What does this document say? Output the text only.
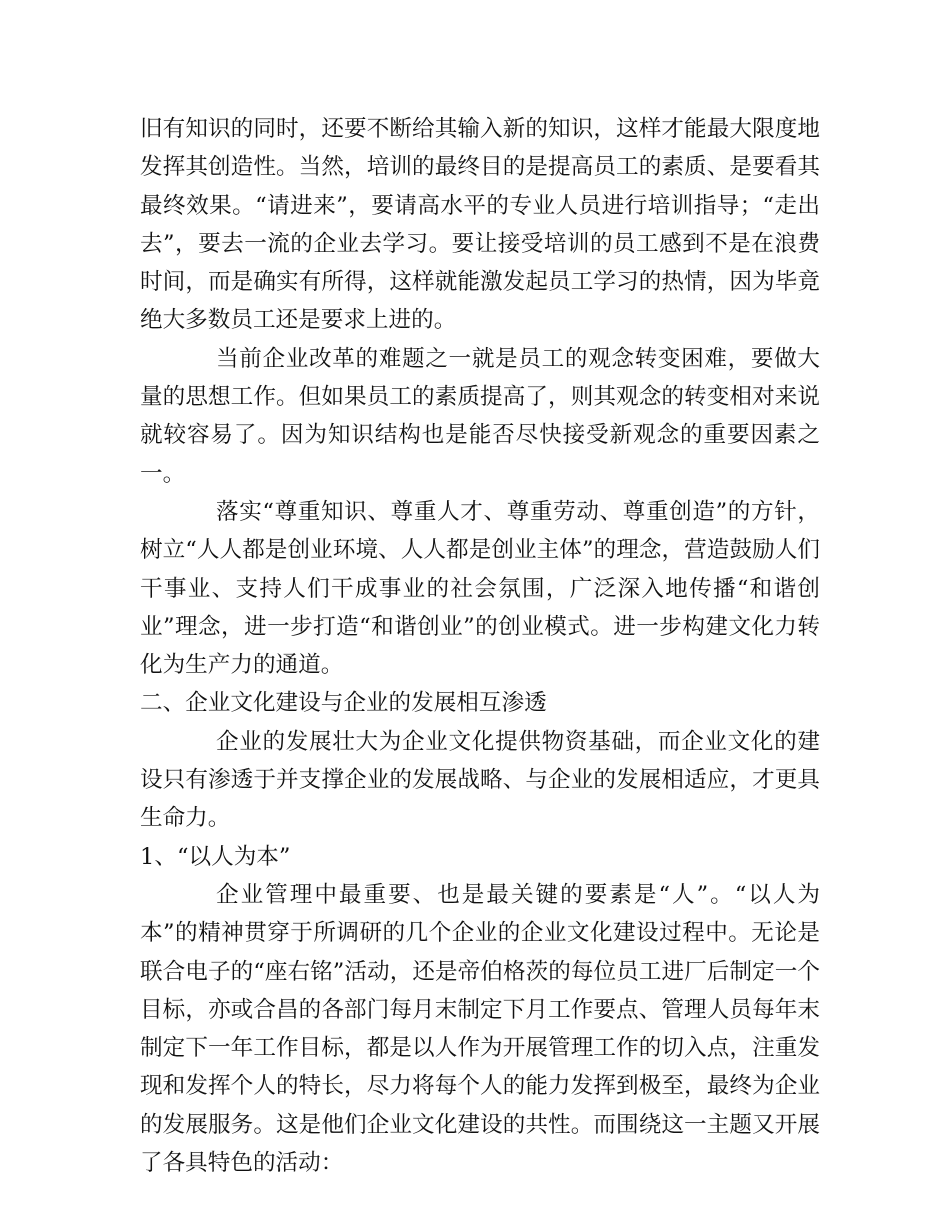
旧有知识的同时，还要不断给其输入新的知识，这样才能最大限度地发挥其创造性。当然，培训的最终目的是提高员工的素质、是要看其最终效果。“请进来”，要请高水平的专业人员进行培训指导；“走出去”，要去一流的企业去学习。要让接受培训的员工感到不是在浪费时间，而是确实有所得，这样就能激发起员工学习的热情，因为毕竟绝大多数员工还是要求上进的。

当前企业改革的难题之一就是员工的观念转变困难，要做大量的思想工作。但如果员工的素质提高了，则其观念的转变相对来说就较容易了。因为知识结构也是能否尽快接受新观念的重要因素之一。

落实“尊重知识、尊重人才、尊重劳动、尊重创造”的方针，树立“人人都是创业环境、人人都是创业主体”的理念，营造鼓励人们干事业、支持人们干成事业的社会氛围，广泛深入地传播“和谐创业”理念，进一步打造“和谐创业”的创业模式。进一步构建文化力转化为生产力的通道。

二、企业文化建设与企业的发展相互渗透

企业的发展壮大为企业文化提供物资基础，而企业文化的建设只有渗透于并支撑企业的发展战略、与企业的发展相适应，才更具生命力。

1、“以人为本”

企业管理中最重要、也是最关键的要素是“人”。“以人为本”的精神贯穿于所调研的几个企业的企业文化建设过程中。无论是联合电子的“座右铭”活动，还是帝伯格茨的每位员工进厂后制定一个目标，亦或合昌的各部门每月末制定下月工作要点、管理人员每年末制定下一年工作目标，都是以人作为开展管理工作的切入点，注重发现和发挥个人的特长，尽力将每个人的能力发挥到极至，最终为企业的发展服务。这是他们企业文化建设的共性。而围绕这一主题又开展了各具特色的活动：
